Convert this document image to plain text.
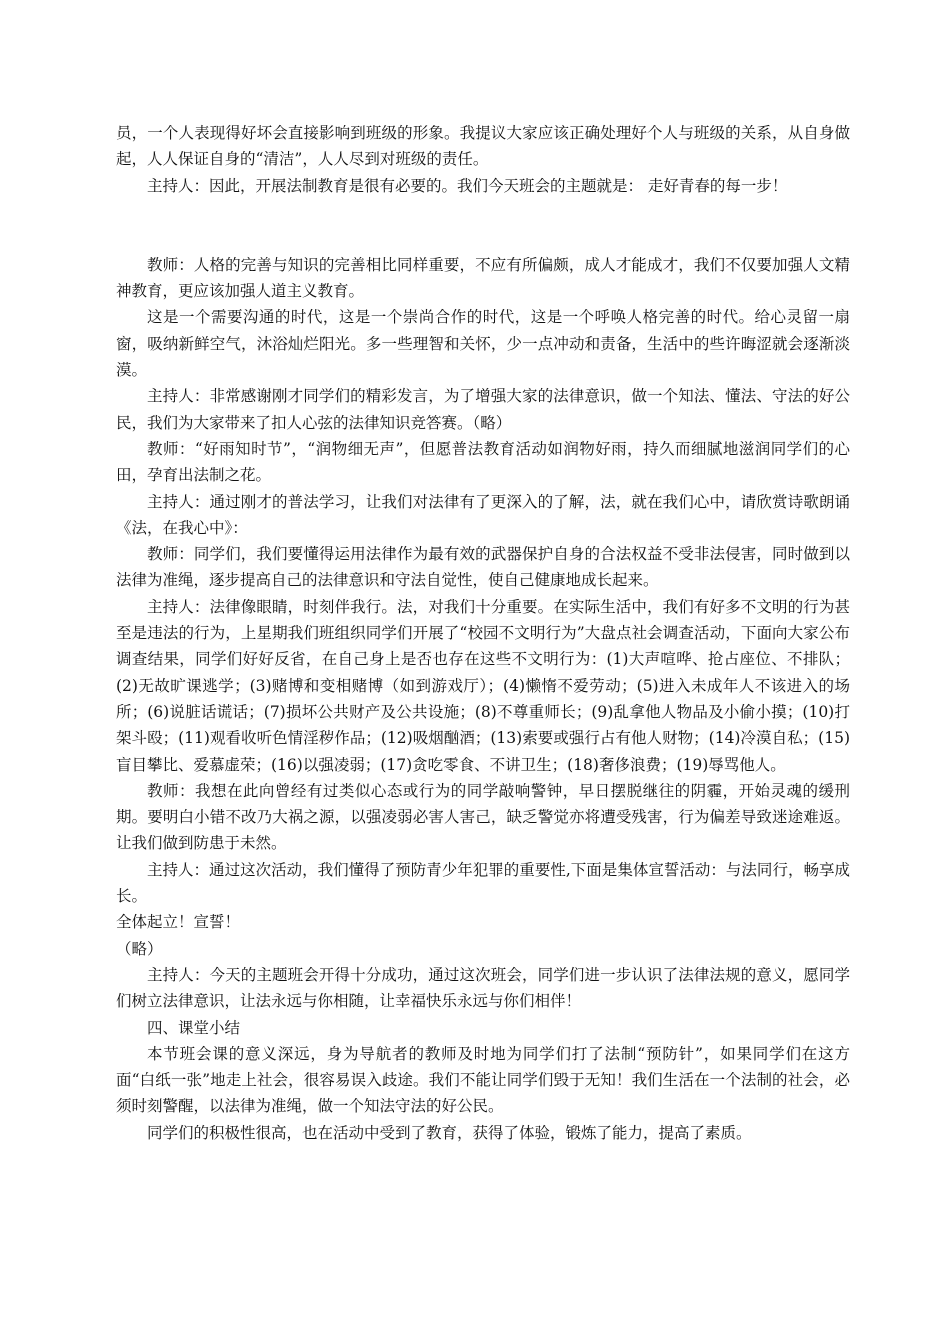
员，一个人表现得好坏会直接影响到班级的形象。我提议大家应该正确处理好个人与班级的关系，从自身做起，人人保证自身的“清洁”，人人尽到对班级的责任。

主持人：因此，开展法制教育是很有必要的。我们今天班会的主题就是： 走好青春的每一步！

教师：人格的完善与知识的完善相比同样重要，不应有所偏颇，成人才能成才，我们不仅要加强人文精神教育，更应该加强人道主义教育。

这是一个需要沟通的时代，这是一个崇尚合作的时代，这是一个呼唤人格完善的时代。给心灵留一扇窗，吸纳新鲜空气，沐浴灿烂阳光。多一些理智和关怀，少一点冲动和责备，生活中的些许晦涩就会逐渐淡漠。

主持人：非常感谢刚才同学们的精彩发言，为了增强大家的法律意识，做一个知法、懂法、守法的好公民，我们为大家带来了扣人心弦的法律知识竞答赛。（略）

教师：“好雨知时节”，“润物细无声”，但愿普法教育活动如润物好雨，持久而细腻地滋润同学们的心田，孕育出法制之花。

主持人：通过刚才的普法学习，让我们对法律有了更深入的了解，法，就在我们心中，请欣赏诗歌朗诵《法，在我心中》：

教师：同学们，我们要懂得运用法律作为最有效的武器保护自身的合法权益不受非法侵害，同时做到以法律为准绳，逐步提高自己的法律意识和守法自觉性，使自己健康地成长起来。

主持人：法律像眼睛，时刻伴我行。法，对我们十分重要。在实际生活中，我们有好多不文明的行为甚至是违法的行为，上星期我们班组织同学们开展了“校园不文明行为”大盘点社会调查活动，下面向大家公布调查结果，同学们好好反省，在自己身上是否也存在这些不文明行为：(1)大声喧哗、抢占座位、不排队； (2)无故旷课逃学；(3)赌博和变相赌博（如到游戏厅）；(4)懒惰不爱劳动；(5)进入未成年人不该进入的场所；(6)说脏话谎话；(7)损坏公共财产及公共设施；(8)不尊重师长；(9)乱拿他人物品及小偷小摸；(10)打架斗殴；(11)观看收听色情淫秽作品；(12)吸烟酗酒；(13)索要或强行占有他人财物；(14)冷漠自私；(15)盲目攀比、爱慕虚荣；(16)以强凌弱；(17)贪吃零食、不讲卫生；(18)奢侈浪费；(19)辱骂他人。

教师：我想在此向曾经有过类似心态或行为的同学敲响警钟，早日摆脱继往的阴霾，开始灵魂的缓刑期。要明白小错不改乃大祸之源，以强凌弱必害人害己，缺乏警觉亦将遭受残害，行为偏差导致迷途难返。让我们做到防患于未然。

主持人：通过这次活动，我们懂得了预防青少年犯罪的重要性,下面是集体宣誓活动：与法同行，畅享成长。

全体起立！宣誓！

（略）

主持人：今天的主题班会开得十分成功，通过这次班会，同学们进一步认识了法律法规的意义，愿同学们树立法律意识，让法永远与你相随，让幸福快乐永远与你们相伴！

四、课堂小结

本节班会课的意义深远，身为导航者的教师及时地为同学们打了法制“预防针”，如果同学们在这方面“白纸一张”地走上社会，很容易误入歧途。我们不能让同学们毁于无知！我们生活在一个法制的社会，必须时刻警醒，以法律为准绳，做一个知法守法的好公民。

同学们的积极性很高，也在活动中受到了教育，获得了体验，锻炼了能力，提高了素质。
